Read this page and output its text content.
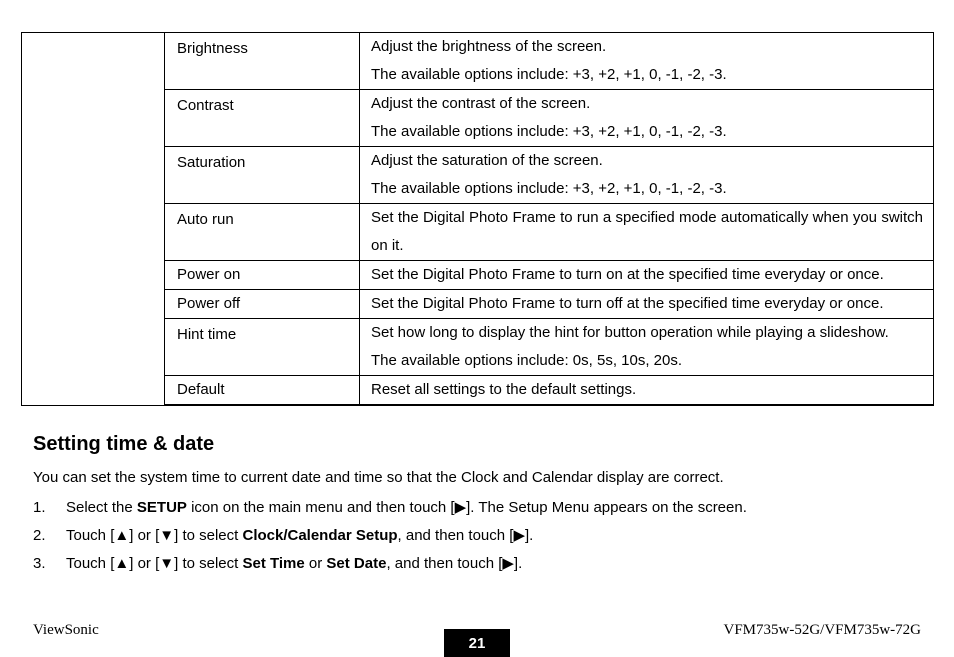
	Brightness	Adjust the brightness of the screen.
The available options include: +3, +2, +1, 0, -1, -2, -3.

	Contrast	Adjust the contrast of the screen.
The available options include: +3, +2, +1, 0, -1, -2, -3.

	Saturation	Adjust the saturation of the screen.
The available options include: +3, +2, +1, 0, -1, -2, -3.

	Auto run	Set the Digital Photo Frame to run a specified mode automatically when you switch on it.

	Power on	Set the Digital Photo Frame to turn on at the specified time everyday or once.

	Power off	Set the Digital Photo Frame to turn off at the specified time everyday or once.

	Hint time	Set how long to display the hint for button operation while playing a slideshow.
The available options include: 0s, 5s, 10s, 20s.

	Default	Reset all settings to the default settings.
Setting time & date

You can set the system time to current date and time so that the Clock and Calendar display are correct.

1.	Select the SETUP icon on the main menu and then touch [▶]. The Setup Menu appears on the screen.
2.	Touch [▲] or [▼] to select Clock/Calendar Setup, and then touch [▶].
3.	Touch [▲] or [▼] to select Set Time or Set Date, and then touch [▶].
ViewSonic
21
VFM735w-52G/VFM735w-72G
